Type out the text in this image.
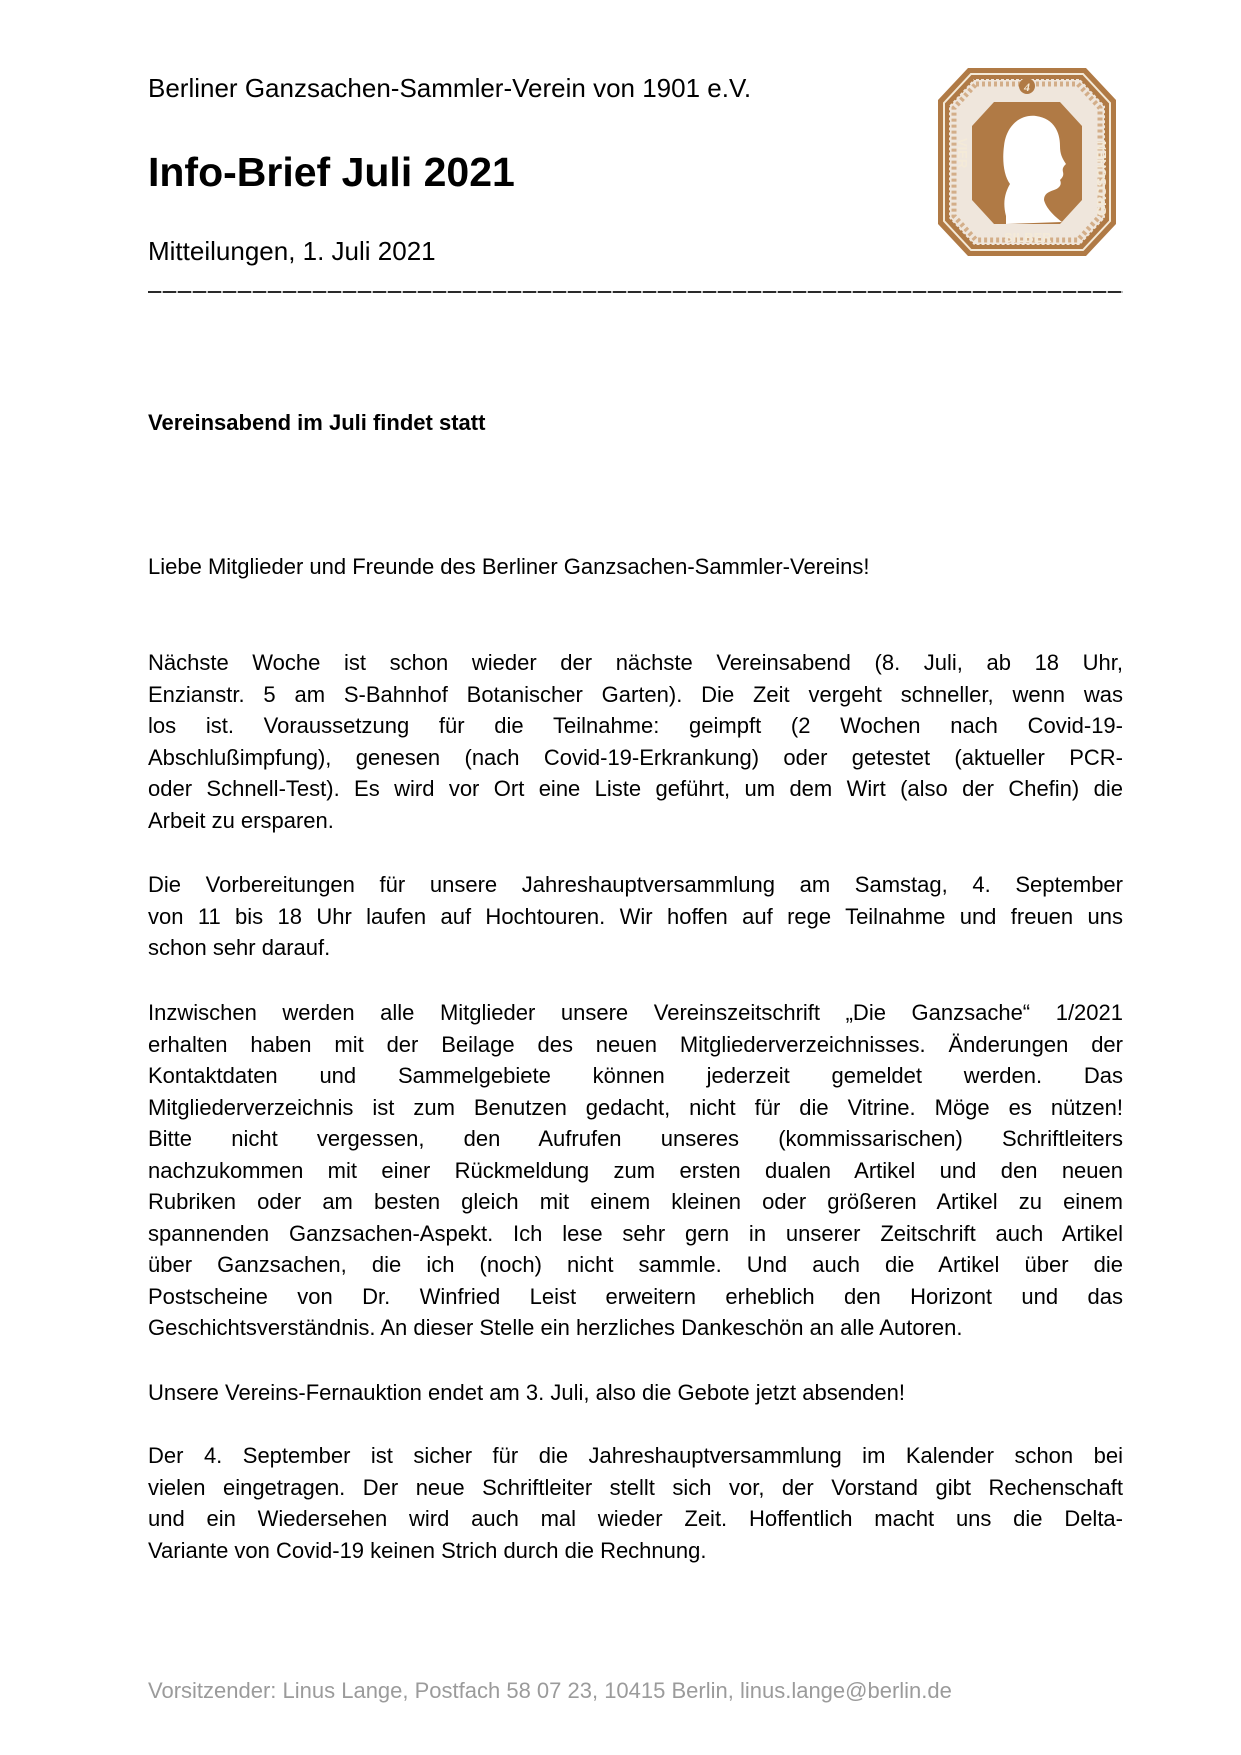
Berliner Ganzsachen-Sammler-Verein von 1901 e.V.
Info-Brief Juli 2021
Mitteilungen, 1. Juli 2021
4
VIER
SILBER
GROSCHEN
Vereinsabend im Juli findet statt
Liebe Mitglieder und Freunde des Berliner Ganzsachen-Sammler-Vereins!
Nächste Woche ist schon wieder der nächste Vereinsabend (8. Juli, ab 18 Uhr,
Enzianstr. 5 am S-Bahnhof Botanischer Garten). Die Zeit vergeht schneller, wenn was
los ist. Voraussetzung für die Teilnahme: geimpft (2 Wochen nach Covid-19-
Abschlußimpfung), genesen (nach Covid-19-Erkrankung) oder getestet (aktueller PCR-
oder Schnell-Test). Es wird vor Ort eine Liste geführt, um dem Wirt (also der Chefin) die
Arbeit zu ersparen.
Die Vorbereitungen für unsere Jahreshauptversammlung am Samstag, 4. September
von 11 bis 18 Uhr laufen auf Hochtouren. Wir hoffen auf rege Teilnahme und freuen uns
schon sehr darauf.
Inzwischen werden alle Mitglieder unsere Vereinszeitschrift „Die Ganzsache“ 1/2021
erhalten haben mit der Beilage des neuen Mitgliederverzeichnisses. Änderungen der
Kontaktdaten und Sammelgebiete können jederzeit gemeldet werden. Das
Mitgliederverzeichnis ist zum Benutzen gedacht, nicht für die Vitrine. Möge es nützen!
Bitte nicht vergessen, den Aufrufen unseres (kommissarischen) Schriftleiters
nachzukommen mit einer Rückmeldung zum ersten dualen Artikel und den neuen
Rubriken oder am besten gleich mit einem kleinen oder größeren Artikel zu einem
spannenden Ganzsachen-Aspekt. Ich lese sehr gern in unserer Zeitschrift auch Artikel
über Ganzsachen, die ich (noch) nicht sammle. Und auch die Artikel über die
Postscheine von Dr. Winfried Leist erweitern erheblich den Horizont und das
Geschichtsverständnis. An dieser Stelle ein herzliches Dankeschön an alle Autoren.
Unsere Vereins-Fernauktion endet am 3. Juli, also die Gebote jetzt absenden!
Der 4. September ist sicher für die Jahreshauptversammlung im Kalender schon bei
vielen eingetragen. Der neue Schriftleiter stellt sich vor, der Vorstand gibt Rechenschaft
und ein Wiedersehen wird auch mal wieder Zeit. Hoffentlich macht uns die Delta-
Variante von Covid-19 keinen Strich durch die Rechnung.
Vorsitzender: Linus Lange, Postfach 58 07 23, 10415 Berlin, linus.lange@berlin.de
